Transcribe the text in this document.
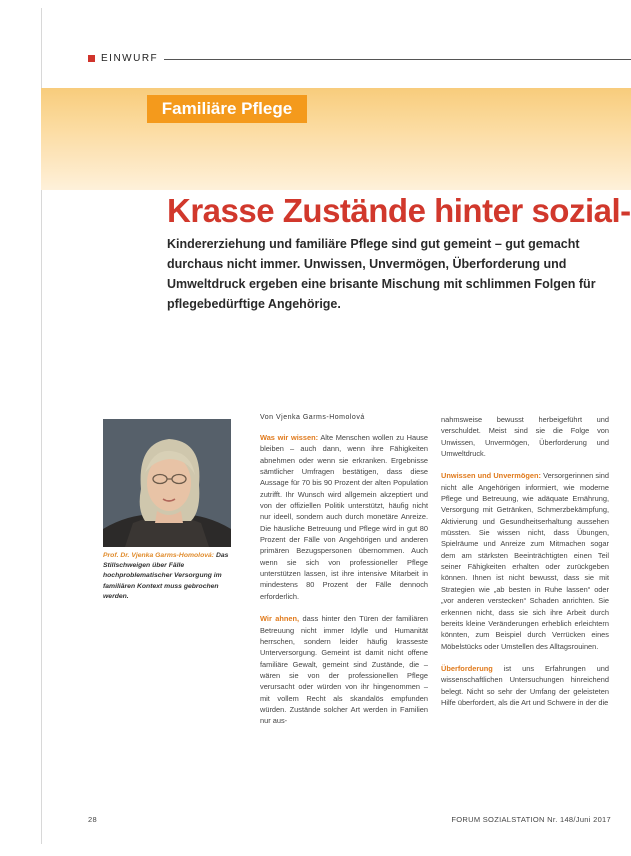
EINWURF
Familiäre Pflege
Krasse Zustände hinter sozial-
Kindererziehung und familiäre Pflege sind gut gemeint – gut gemacht durchaus nicht immer. Unwissen, Unvermögen, Überforderung und Umweltdruck ergeben eine brisante Mischung mit schlimmen Folgen für pflegebedürftige Angehörige.
Prof. Dr. Vjenka Garms-Homolová: Das Stillschweigen über Fälle hochproblematischer Versorgung im familiären Kontext muss gebrochen werden.
Von Vjenka Garms-Homolová

Was wir wissen: Alte Menschen wollen zu Hause bleiben – auch dann, wenn ihre Fähigkeiten abnehmen oder wenn sie erkranken. Ergebnisse sämtlicher Umfragen bestätigen, dass diese Aussage für 70 bis 90 Prozent der alten Population zutrifft. Ihr Wunsch wird allgemein akzeptiert und von der offiziellen Politik unterstützt, häufig nicht nur ideell, sondern auch durch monetäre Anreize. Die häusliche Betreuung und Pflege wird in gut 80 Prozent der Fälle von Angehörigen und anderen primären Bezugspersonen übernommen. Auch wenn sie sich von professioneller Pflege unterstützen lassen, ist ihre intensive Mitarbeit in mindestens 80 Prozent der Fälle dennoch erforderlich.

Wir ahnen, dass hinter den Türen der familiären Betreuung nicht immer Idylle und Humanität herrschen, sondern leider häufig krasseste Unterversorgung. Gemeint ist damit nicht offene familiäre Gewalt, gemeint sind Zustände, die – wären sie von der professionellen Pflege verursacht oder würden von ihr hingenommen – mit vollem Recht als skandalös empfunden würden. Zustände solcher Art werden in Familien nur aus-

nahmsweise bewusst herbeigeführt und verschuldet. Meist sind sie die Folge von Unwissen, Unvermögen, Überforderung und Umweltdruck.

Unwissen und Unvermögen: Versorgerinnen sind nicht alle Angehörigen informiert, wie moderne Pflege und Betreuung, wie adäquate Ernährung, Versorgung mit Getränken, Schmerzbekämpfung, Aktivierung und Gesundheitserhaltung aussehen müssten. Sie wissen nicht, dass Übungen, Spielräume und Anreize zum Mitmachen sogar dem am stärksten Beeinträchtigten einen Teil seiner Fähigkeiten erhalten oder zurückgeben können. Ihnen ist nicht bewusst, dass sie mit Strategien wie „ab besten in Ruhe lassen“ oder „vor anderen verstecken“ Schaden anrichten. Sie erkennen nicht, dass sie sich ihre Arbeit durch bereits kleine Veränderungen erheblich erleichtern könnten, zum Beispiel durch Verrücken eines Möbelstücks oder Umstellen des Alltagsrouinen.

Überforderung ist uns Erfahrungen und wissenschaftlichen Untersuchungen hinreichend belegt. Nicht so sehr der Umfang der geleisteten Hilfe überfordert, als die Art und Schwere in der die

28	FORUM SOZIALSTATION Nr. 148/Juni 2017
